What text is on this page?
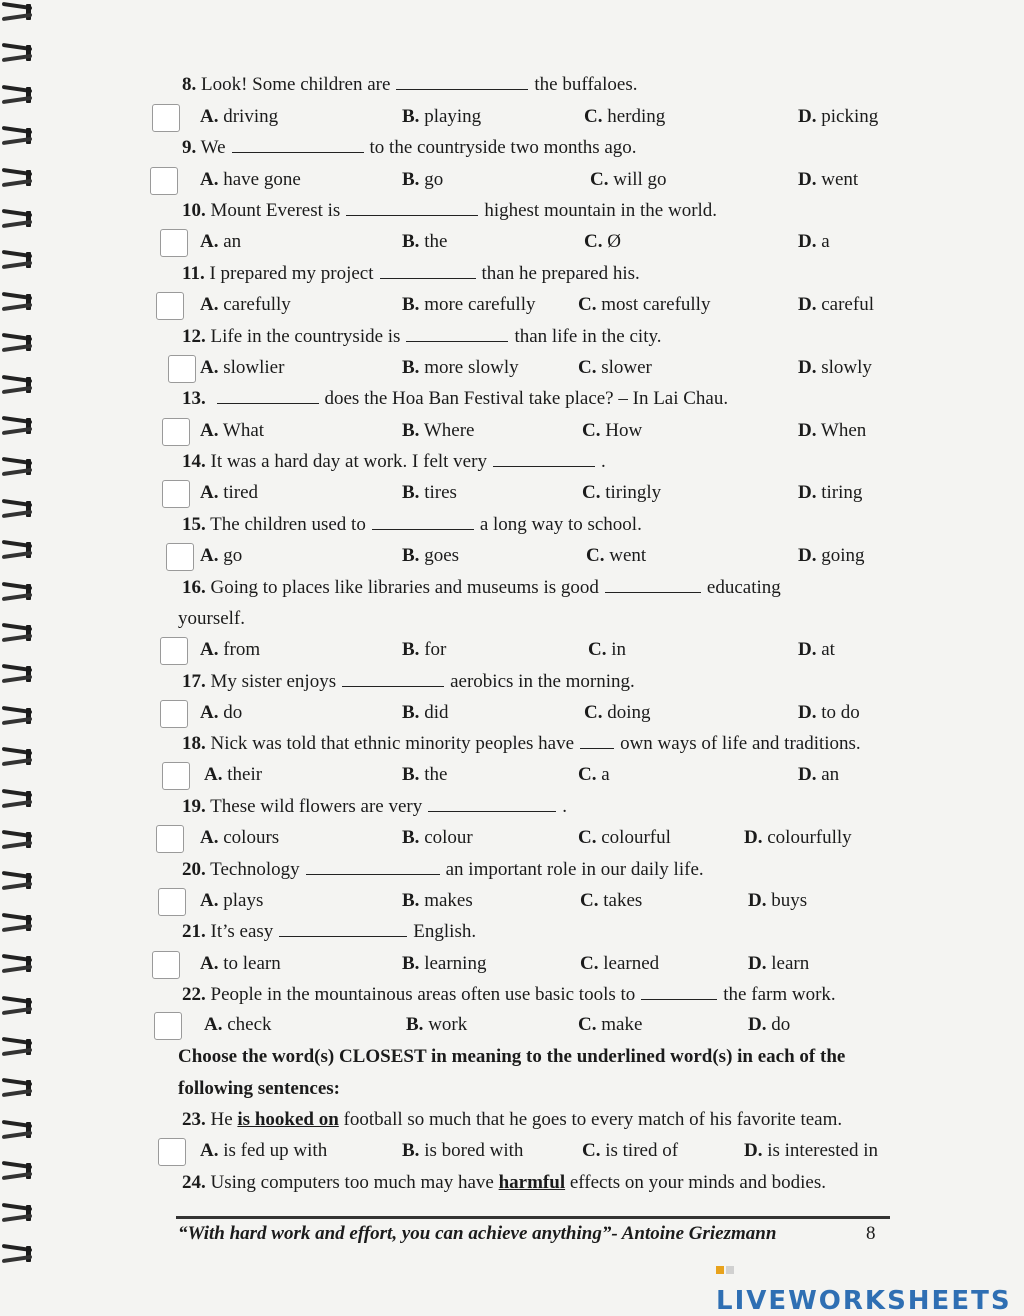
Choose the word(s) CLOSEST in meaning to the underlined word(s) in each of the
following sentences:
23. He is hooked on football so much that he goes to every match of his favorite team.
A. is fed up with	B. is bored with	C. is tired of	D. is interested in
24. Using computers too much may have harmful effects on your minds and bodies.
“With hard work and effort, you can achieve anything”- Antoine Griezmann	8
LIVEWORKSHEETS
8. Look! Some children are	the buffaloes.
A. driving	B. playing	C. herding	D. picking
9. We	to the countryside two months ago.
A. have gone	B. go	C. will go	D. went
10. Mount Everest is	highest mountain in the world.
A. an	B. the	C. Ø	D. a
11. I prepared my project	than he prepared his.
A. carefully	B. more carefully C. most carefully	D. careful
12. Life in the countryside is	than life in the city.
A. slowlier	B. more slowly	C. slower	D. slowly
13.	does the Hoa Ban Festival take place? – In Lai Chau.
A. What	B. Where	C. How	D. When
14. It was a hard day at work. I felt very	.
A. tired	B. tires	C. tiringly	D. tiring
15. The children used to	a long way to school.
A. go	B. goes	C. went	D. going
16. Going to places like libraries and museums is good	educating
yourself.
A. from	B. for	C. in	D. at
17. My sister enjoys	aerobics in the morning.
A. do	B. did	C. doing	D. to do
18. Nick was told that ethnic minority peoples have own ways of life and traditions.
A. their	B. the	C. a	D. an
19. These wild flowers are very	.
A. colours	B. colour	C. colourful	D. colourfully
20. Technology	an important role in our daily life.
A. plays	B. makes	C. takes	D. buys
21. It’s easy	English.
A. to learn	B. learning	C. learned	D. learn
22. People in the mountainous areas often use basic tools to	the farm work.
A. check	B. work	C. make	D. do
